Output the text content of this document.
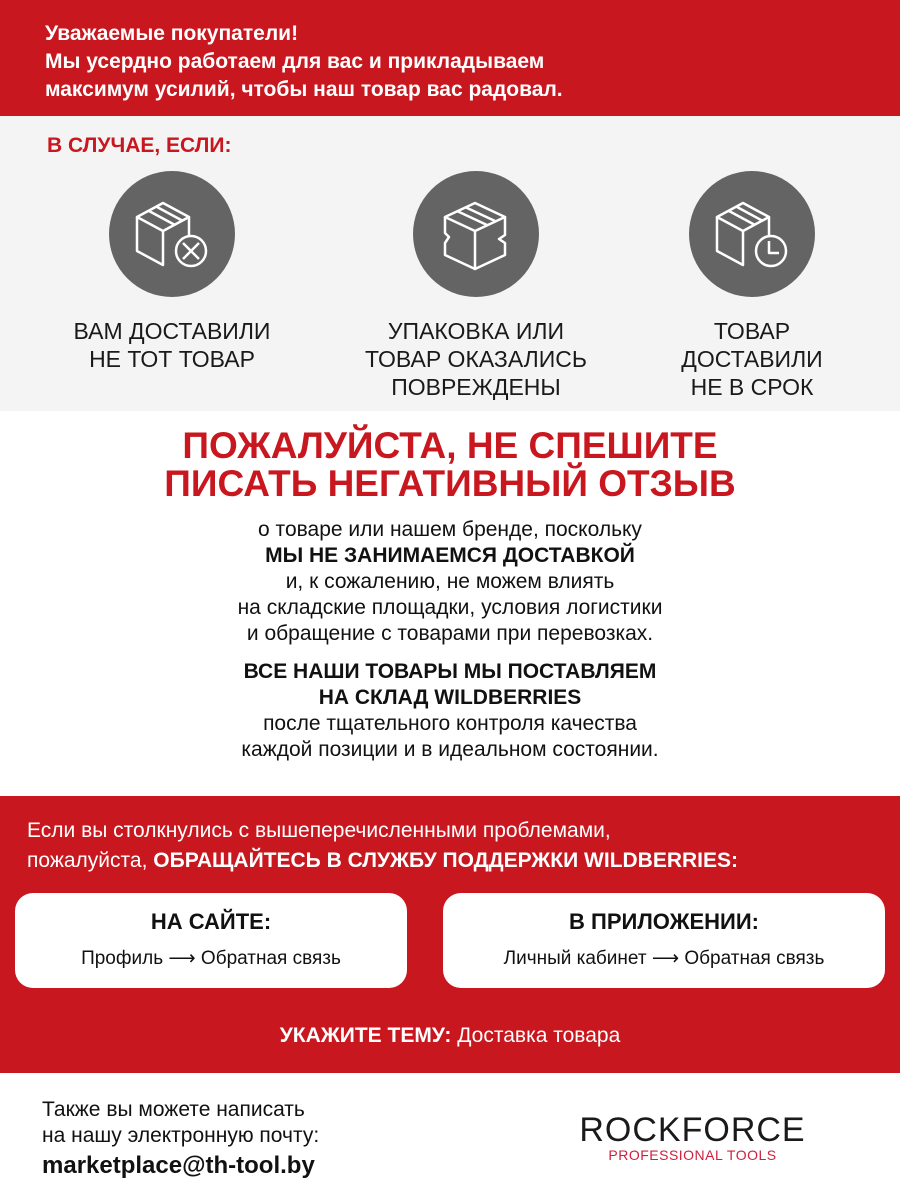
Уважаемые покупатели!
Мы усердно работаем для вас и прикладываем
максимум усилий, чтобы наш товар вас радовал.
В СЛУЧАЕ, ЕСЛИ:
ВАМ ДОСТАВИЛИ
НЕ ТОТ ТОВАР
УПАКОВКА ИЛИ
ТОВАР ОКАЗАЛИСЬ
ПОВРЕЖДЕНЫ
ТОВАР
ДОСТАВИЛИ
НЕ В СРОК
ПОЖАЛУЙСТА, НЕ СПЕШИТЕ
ПИСАТЬ НЕГАТИВНЫЙ ОТЗЫВ
о товаре или нашем бренде, поскольку
МЫ НЕ ЗАНИМАЕМСЯ ДОСТАВКОЙ
и, к сожалению, не можем влиять
на складские площадки, условия логистики
и обращение с товарами при перевозках.
ВСЕ НАШИ ТОВАРЫ МЫ ПОСТАВЛЯЕМ
НА СКЛАД WILDBERRIES
после тщательного контроля качества
каждой позиции и в идеальном состоянии.
Если вы столкнулись с вышеперечисленными проблемами,
пожалуйста, ОБРАЩАЙТЕСЬ В СЛУЖБУ ПОДДЕРЖКИ WILDBERRIES:
НА САЙТЕ:

Профиль ⟶ Обратная связь

В ПРИЛОЖЕНИИ:

Личный кабинет ⟶ Обратная связь

УКАЖИТЕ ТЕМУ: Доставка товара
Также вы можете написать
на нашу электронную почту:
marketplace@th-tool.by
ROCKFORCE
PROFESSIONAL TOOLS
